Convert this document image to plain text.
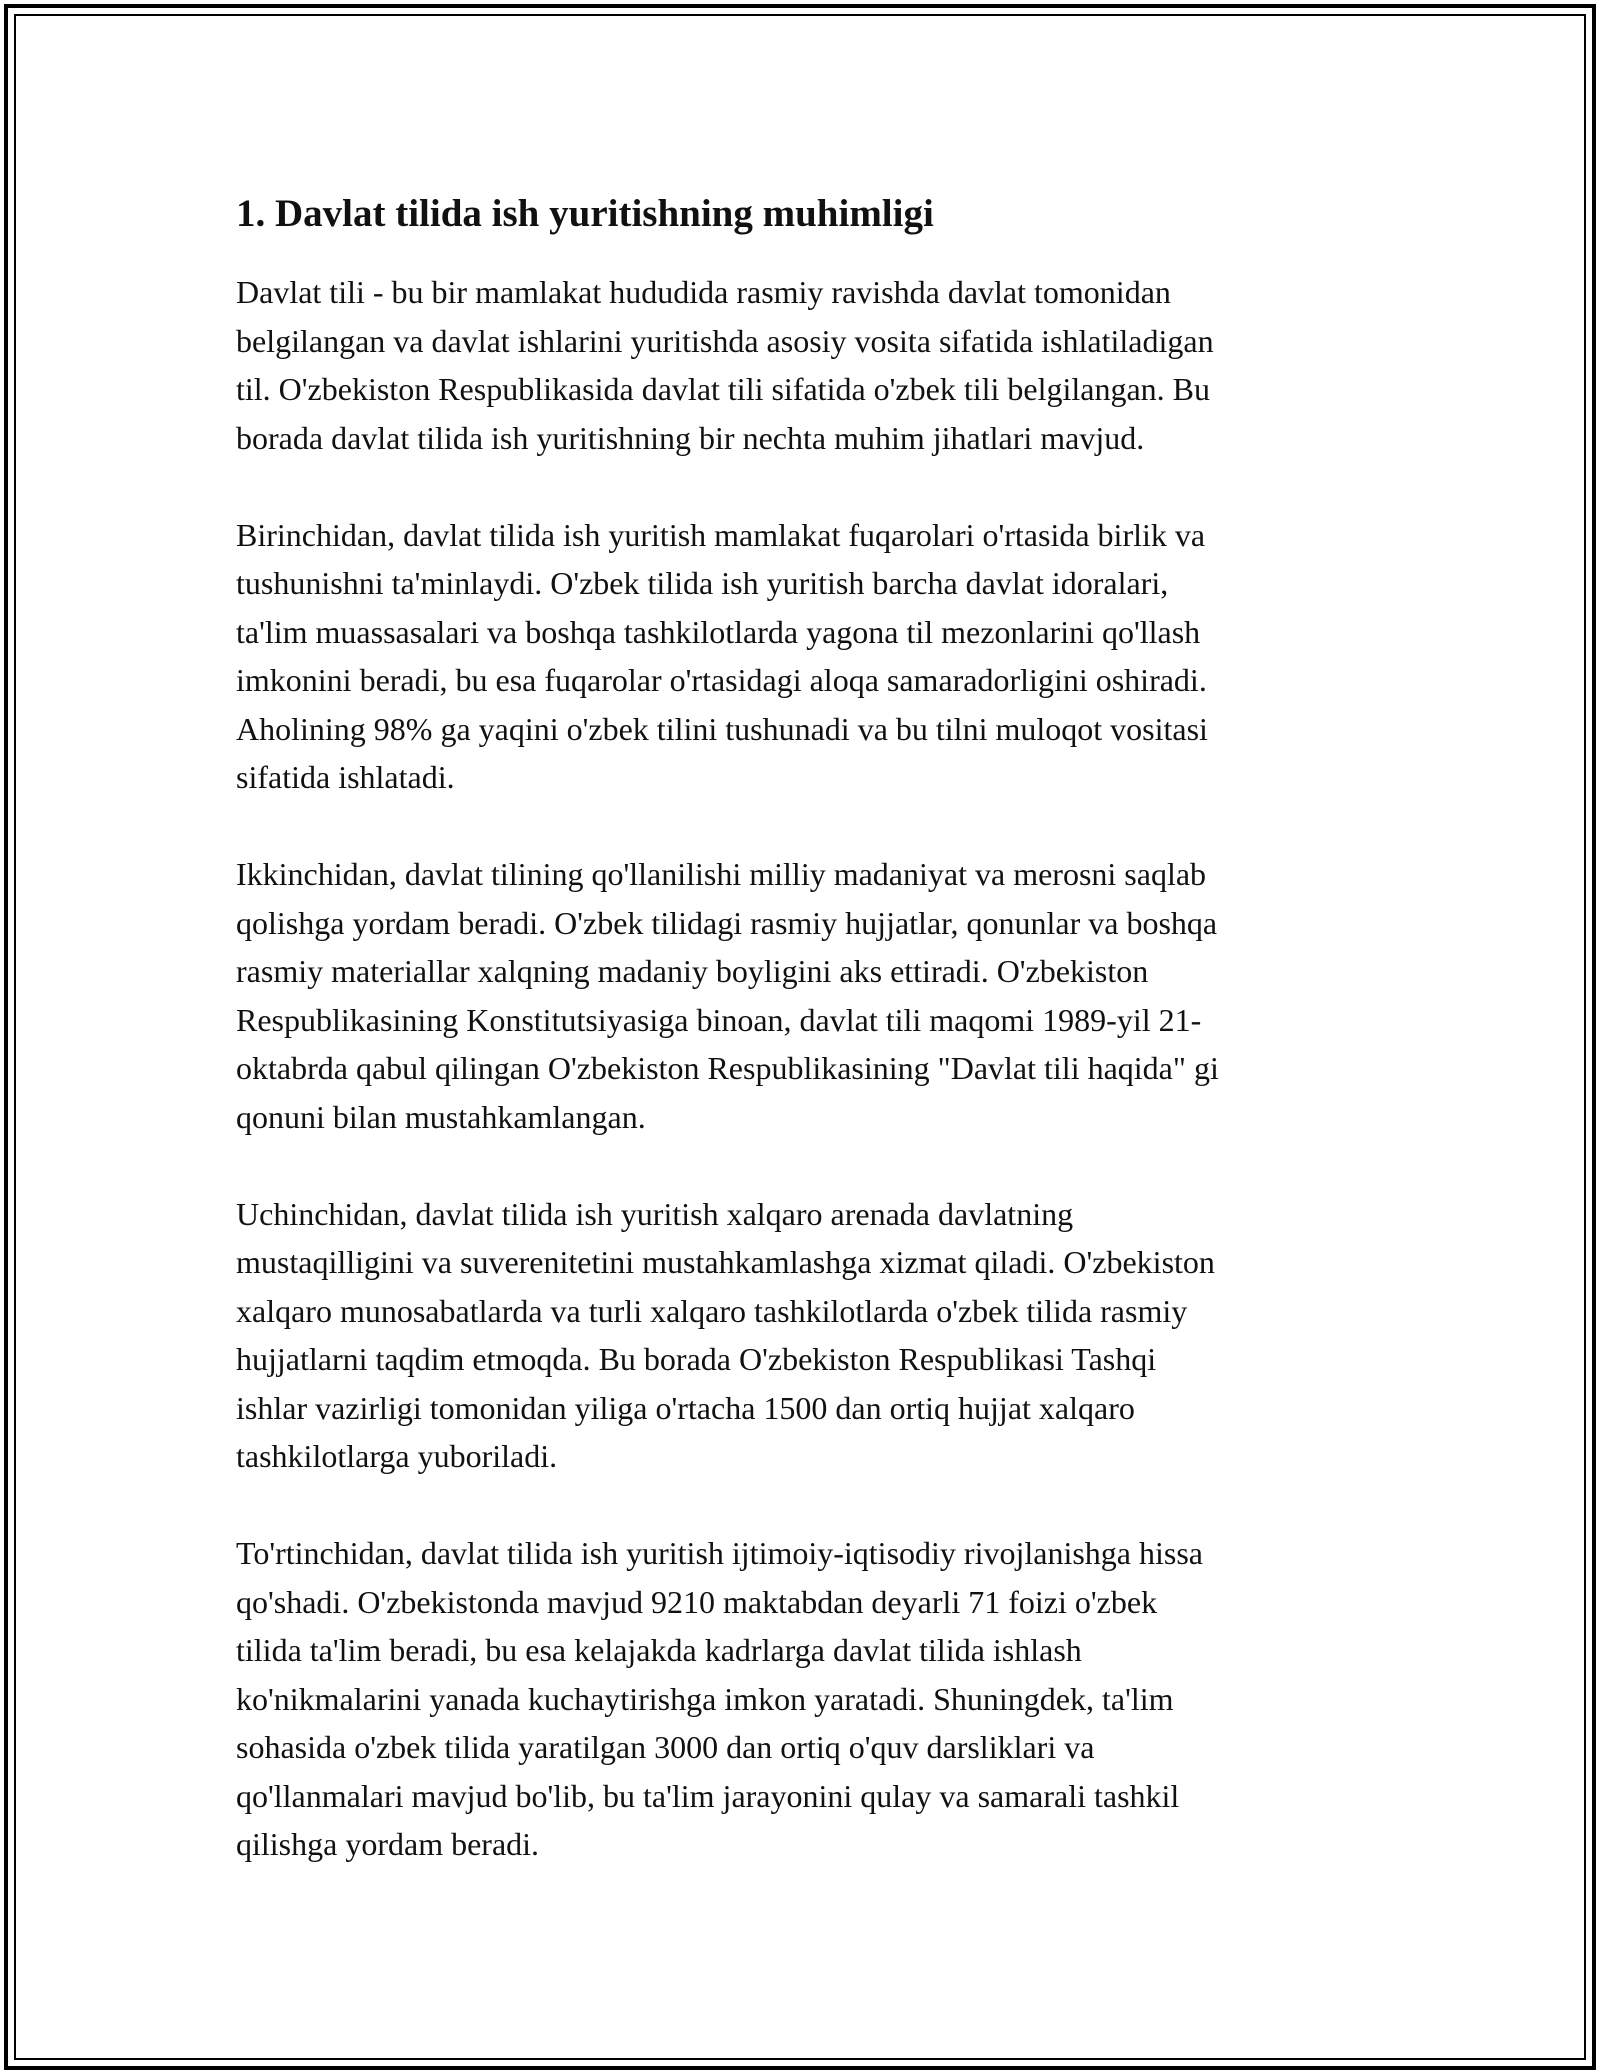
1. Davlat tilida ish yuritishning muhimligi

Davlat tili - bu bir mamlakat hududida rasmiy ravishda davlat tomonidan
belgilangan va davlat ishlarini yuritishda asosiy vosita sifatida ishlatiladigan
til. O'zbekiston Respublikasida davlat tili sifatida o'zbek tili belgilangan. Bu
borada davlat tilida ish yuritishning bir nechta muhim jihatlari mavjud.

Birinchidan, davlat tilida ish yuritish mamlakat fuqarolari o'rtasida birlik va
tushunishni ta'minlaydi. O'zbek tilida ish yuritish barcha davlat idoralari,
ta'lim muassasalari va boshqa tashkilotlarda yagona til mezonlarini qo'llash
imkonini beradi, bu esa fuqarolar o'rtasidagi aloqa samaradorligini oshiradi.
Aholining 98% ga yaqini o'zbek tilini tushunadi va bu tilni muloqot vositasi
sifatida ishlatadi.

Ikkinchidan, davlat tilining qo'llanilishi milliy madaniyat va merosni saqlab
qolishga yordam beradi. O'zbek tilidagi rasmiy hujjatlar, qonunlar va boshqa
rasmiy materiallar xalqning madaniy boyligini aks ettiradi. O'zbekiston
Respublikasining Konstitutsiyasiga binoan, davlat tili maqomi 1989-yil 21-
oktabrda qabul qilingan O'zbekiston Respublikasining "Davlat tili haqida" gi
qonuni bilan mustahkamlangan.

Uchinchidan, davlat tilida ish yuritish xalqaro arenada davlatning
mustaqilligini va suverenitetini mustahkamlashga xizmat qiladi. O'zbekiston
xalqaro munosabatlarda va turli xalqaro tashkilotlarda o'zbek tilida rasmiy
hujjatlarni taqdim etmoqda. Bu borada O'zbekiston Respublikasi Tashqi
ishlar vazirligi tomonidan yiliga o'rtacha 1500 dan ortiq hujjat xalqaro
tashkilotlarga yuboriladi.

To'rtinchidan, davlat tilida ish yuritish ijtimoiy-iqtisodiy rivojlanishga hissa
qo'shadi. O'zbekistonda mavjud 9210 maktabdan deyarli 71 foizi o'zbek
tilida ta'lim beradi, bu esa kelajakda kadrlarga davlat tilida ishlash
ko'nikmalarini yanada kuchaytirishga imkon yaratadi. Shuningdek, ta'lim
sohasida o'zbek tilida yaratilgan 3000 dan ortiq o'quv darsliklari va
qo'llanmalari mavjud bo'lib, bu ta'lim jarayonini qulay va samarali tashkil
qilishga yordam beradi.
